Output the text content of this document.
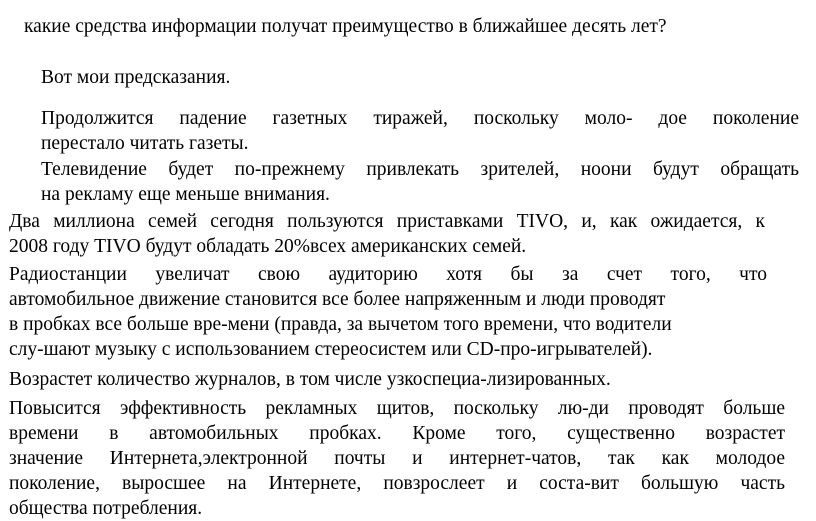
какие средства информации получат преимущество в ближайшее десять лет?
Вот мои предсказания.
Продолжится падение газетных тиражей, поскольку моло- дое поколение
перестало читать газеты.
Телевидение будет по-прежнему привлекать зрителей, ноони будут обращать
на рекламу еще меньше внимания.
Два миллиона семей сегодня пользуются приставками TIVO, и, как ожидается, к
2008 году TIVO будут обладать 20%всех американских семей.
Радиостанции увеличат свою аудиторию хотя бы за счет того, что
автомобильное движение становится все более напряженным и люди проводят
в пробках все больше вре-мени (правда, за вычетом того времени, что водители
слу-шают музыку с использованием стереосистем или CD-про-игрывателей).
Возрастет количество журналов, в том числе узкоспециа-лизированных.
Повысится эффективность рекламных щитов, поскольку лю-ди проводят больше
времени в автомобильных пробках. Кроме того, существенно возрастет
значение Интернета,электронной почты и интернет-чатов, так как молодое
поколение, выросшее на Интернете, повзрослеет и соста-вит большую часть
общества потребления.
